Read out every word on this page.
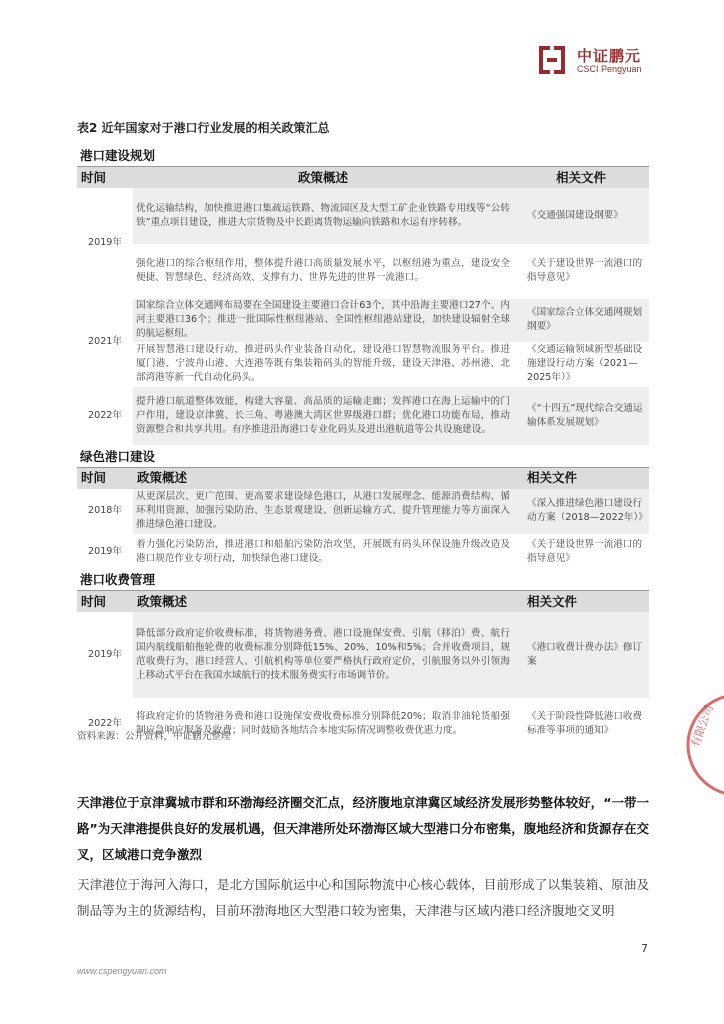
中证鹏元
CSCI Pengyuan
表2 近年国家对于港口行业发展的相关政策汇总
港口建设规划
时间	政策概述	相关文件
2019年	优化运输结构，加快推进港口集疏运铁路、物流园区及大型工矿企业铁路专用线等“公转铁”重点项目建设，推进大宗货物及中长距离货物运输向铁路和水运有序转移。	《交通强国建设纲要》
	强化港口的综合枢纽作用，整体提升港口高质量发展水平，以枢纽港为重点，建设安全便捷、智慧绿色、经济高效、支撑有力、世界先进的世界一流港口。	《关于建设世界一流港口的指导意见》
2021年	国家综合立体交通网布局要在全国建设主要港口合计63个，其中沿海主要港口27个、内河主要港口36个；推进一批国际性枢纽港站、全国性枢纽港站建设，加快建设辐射全球的航运枢纽。	《国家综合立体交通网规划纲要》
	开展智慧港口建设行动，推进码头作业装备自动化，建设港口智慧物流服务平台。推进厦门港、宁波舟山港、大连港等既有集装箱码头的智能升级，建设天津港、苏州港、北部湾港等新一代自动化码头。	《交通运输领域新型基础设施建设行动方案（2021—2025年）》
2022年	提升港口航道整体效能，构建大容量、高品质的运输走廊；发挥港口在海上运输中的门户作用，建设京津冀、长三角、粤港澳大湾区世界级港口群；优化港口功能布局，推动资源整合和共享共用。有序推进沿海港口专业化码头及进出港航道等公共设施建设。	《“十四五”现代综合交通运输体系发展规划》
绿色港口建设
时间	政策概述	相关文件
2018年	从更深层次、更广范围、更高要求建设绿色港口，从港口发展理念、能源消费结构、循环利用资源、加强污染防治、生态景观建设、创新运输方式、提升管理能力等方面深入推进绿色港口建设。	《深入推进绿色港口建设行动方案（2018—2022年）》
2019年	着力强化污染防治，推进港口和船舶污染防治攻坚，开展既有码头环保设施升级改造及港口规范作业专项行动，加快绿色港口建设。	《关于建设世界一流港口的指导意见》
港口收费管理
时间	政策概述	相关文件
2019年	降低部分政府定价收费标准，将货物港务费、港口设施保安费、引航（移泊）费、航行国内航线船舶拖轮费的收费标准分别降低15%、20%、10%和5%；合并收费项目，规范收费行为，港口经营人、引航机构等单位要严格执行政府定价，引航服务以外引领海上移动式平台在我国水域航行的技术服务费实行市场调节价。	《港口收费计费办法》修订案
2022年	将政府定价的货物港务费和港口设施保安费收费标准分别降低20%；取消非油轮货船强制应急响应服务及收费；同时鼓励各地结合本地实际情况调整收费优惠力度。	《关于阶段性降低港口收费标准等事项的通知》
资料来源：公开资料，中证鹏元整理
天津港位于京津冀城市群和环渤海经济圈交汇点，经济腹地京津冀区域经济发展形势整体较好，“一带一路”为天津港提供良好的发展机遇，但天津港所处环渤海区域大型港口分布密集，腹地经济和货源存在交叉，区域港口竞争激烈
天津港位于海河入海口，是北方国际航运中心和国际物流中心核心载体，目前形成了以集装箱、原油及制品等为主的货源结构，目前环渤海地区大型港口较为密集，天津港与区域内港口经济腹地交叉明
有限公司
7
www.cspengyuan.com
